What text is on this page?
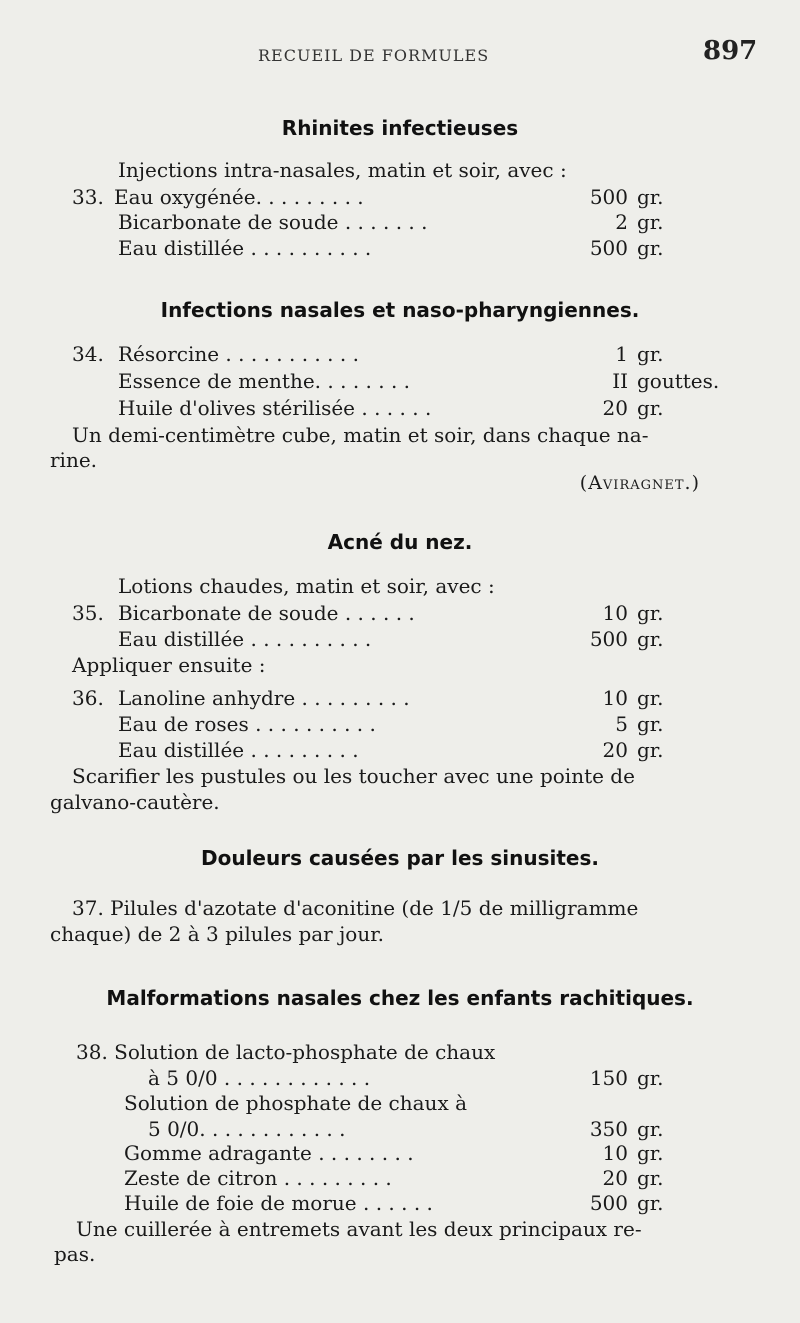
RECUEIL DE FORMULES	897
Rhinites infectieuses
Injections intra-nasales, matin et soir, avec :
33. Eau oxygénée. . . . . . . . .	500 gr.
Bicarbonate de soude . . . . . . .	2 gr.
Eau distillée . . . . . . . . . .	500 gr.
Infections nasales et naso-pharyngiennes.
34. Résorcine . . . . . . . . . . .	1 gr.
Essence de menthe. . . . . . . .	II gouttes.
Huile d'olives stérilisée . . . . . .	20 gr.
Un demi-centimètre cube, matin et soir, dans chaque na-
rine.
(Aviragnet.)
Acné du nez.
Lotions chaudes, matin et soir, avec :
35. Bicarbonate de soude . . . . . .	10 gr.
Eau distillée . . . . . . . . . .	500 gr.
Appliquer ensuite :
36. Lanoline anhydre . . . . . . . . .	10 gr.
Eau de roses . . . . . . . . . .	5 gr.
Eau distillée . . . . . . . . .	20 gr.
Scarifier les pustules ou les toucher avec une pointe de
galvano-cautère.
Douleurs causées par les sinusites.
37. Pilules d'azotate d'aconitine (de 1/5 de milligramme
chaque) de 2 à 3 pilules par jour.
Malformations nasales chez les enfants rachitiques.
38. Solution de lacto-phosphate de chaux
à 5 0/0 . . . . . . . . . . . .	150 gr.
Solution de phosphate de chaux à
5 0/0. . . . . . . . . . . .	350 gr.
Gomme adragante . . . . . . . .	10 gr.
Zeste de citron . . . . . . . . .	20 gr.
Huile de foie de morue . . . . . .	500 gr.
Une cuillerée à entremets avant les deux principaux re-
pas.
